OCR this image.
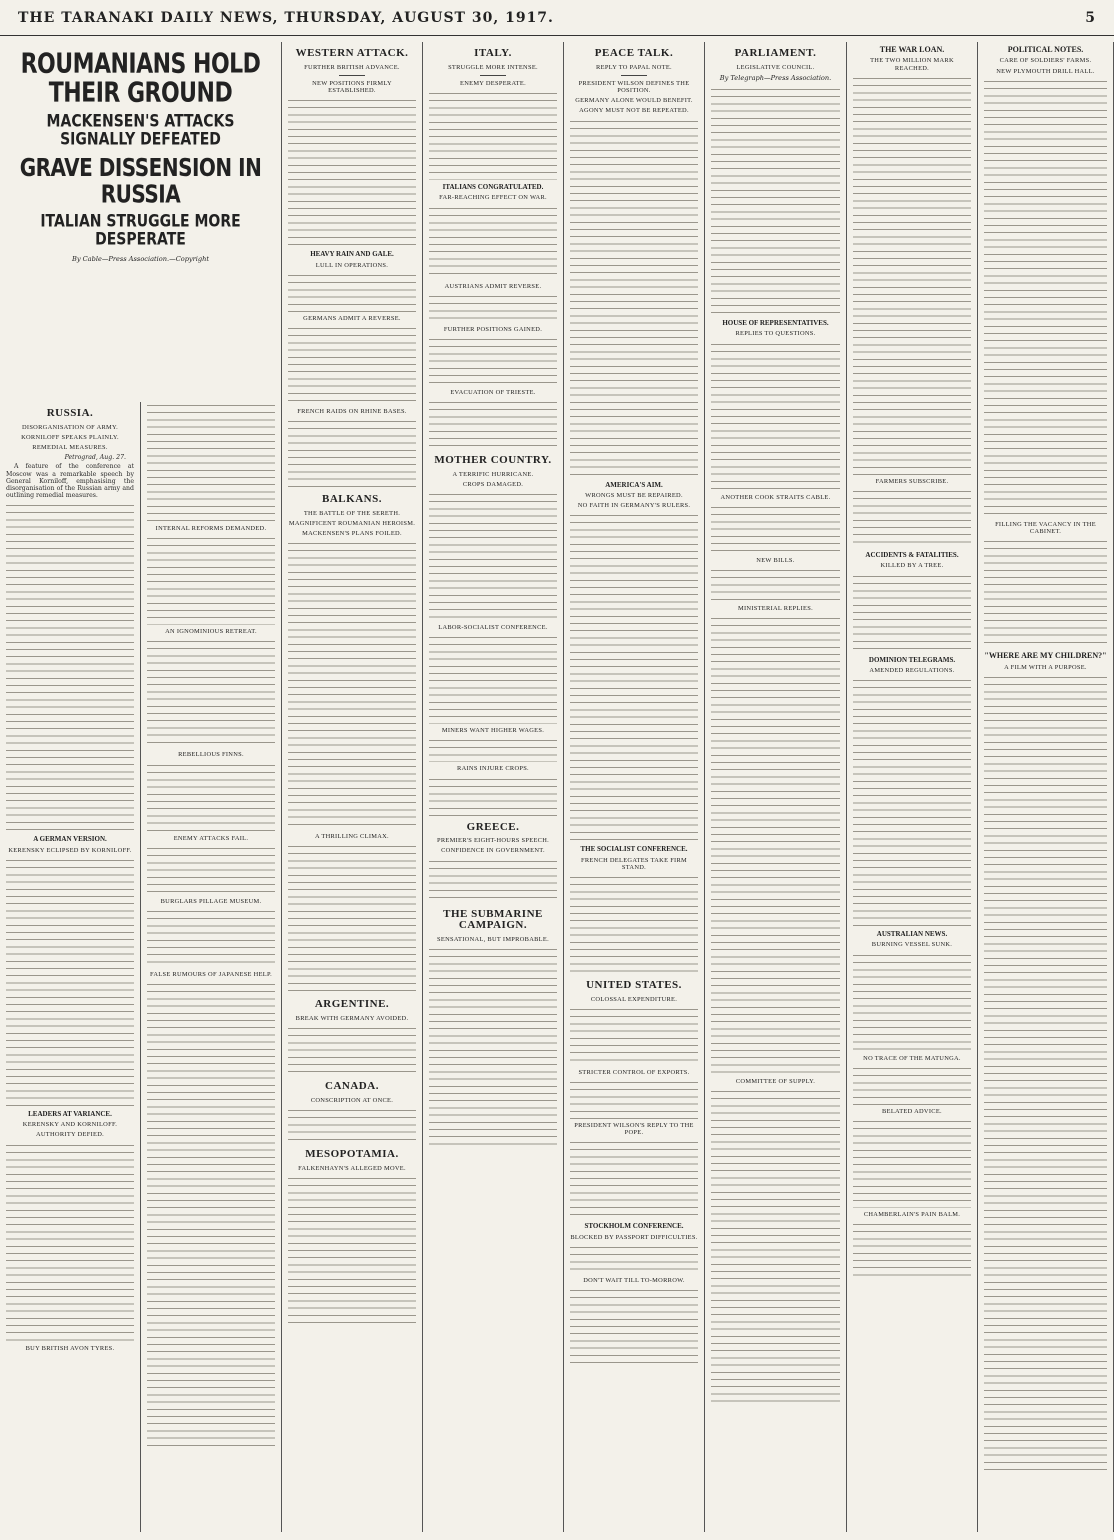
THE TARANAKI DAILY NEWS, THURSDAY, AUGUST 30, 1917.	5
ROUMANIANS HOLD THEIR GROUND
MACKENSEN'S ATTACKS SIGNALLY DEFEATED
GRAVE DISSENSION IN RUSSIA
ITALIAN STRUGGLE MORE DESPERATE
By Cable—Press Association.—Copyright
RUSSIA.
DISORGANISATION OF ARMY.
KORNILOFF SPEAKS PLAINLY.
REMEDIAL MEASURES.
Petrograd, Aug. 27.
A feature of the conference at Moscow was a remarkable speech by General Korniloff, emphasising the disorganisation of the Russian army and outlining remedial measures.
A GERMAN VERSION.
KERENSKY ECLIPSED BY KORNILOFF.
LEADERS AT VARIANCE.
KERENSKY AND KORNILOFF.
AUTHORITY DEFIED.
BUY BRITISH AVON TYRES.
INTERNAL REFORMS DEMANDED.
AN IGNOMINIOUS RETREAT.
REBELLIOUS FINNS.
ENEMY ATTACKS FAIL.
BURGLARS PILLAGE MUSEUM.
FALSE RUMOURS OF JAPANESE HELP.
WESTERN ATTACK.
FURTHER BRITISH ADVANCE.
NEW POSITIONS FIRMLY ESTABLISHED.
HEAVY RAIN AND GALE.
LULL IN OPERATIONS.
GERMANS ADMIT A REVERSE.
FRENCH RAIDS ON RHINE BASES.
BALKANS.
THE BATTLE OF THE SERETH.
MAGNIFICENT ROUMANIAN HEROISM.
MACKENSEN'S PLANS FOILED.
A THRILLING CLIMAX.
ARGENTINE.
BREAK WITH GERMANY AVOIDED.
CANADA.
CONSCRIPTION AT ONCE.
MESOPOTAMIA.
FALKENHAYN'S ALLEGED MOVE.
ITALY.
STRUGGLE MORE INTENSE.
ENEMY DESPERATE.
ITALIANS CONGRATULATED.
FAR-REACHING EFFECT ON WAR.
AUSTRIANS ADMIT REVERSE.
FURTHER POSITIONS GAINED.
EVACUATION OF TRIESTE.
MOTHER COUNTRY.
A TERRIFIC HURRICANE.
CROPS DAMAGED.
LABOR-SOCIALIST CONFERENCE.
MINERS WANT HIGHER WAGES.
RAINS INJURE CROPS.
GREECE.
PREMIER'S EIGHT-HOURS SPEECH.
CONFIDENCE IN GOVERNMENT.
THE SUBMARINE CAMPAIGN.
SENSATIONAL, BUT IMPROBABLE.
PEACE TALK.
REPLY TO PAPAL NOTE.
PRESIDENT WILSON DEFINES THE POSITION.
GERMANY ALONE WOULD BENEFIT.
AGONY MUST NOT BE REPEATED.
AMERICA'S AIM.
WRONGS MUST BE REPAIRED.
NO FAITH IN GERMANY'S RULERS.
THE SOCIALIST CONFERENCE.
FRENCH DELEGATES TAKE FIRM STAND.
UNITED STATES.
COLOSSAL EXPENDITURE.
STRICTER CONTROL OF EXPORTS.
PRESIDENT WILSON'S REPLY TO THE POPE.
STOCKHOLM CONFERENCE.
BLOCKED BY PASSPORT DIFFICULTIES.
DON'T WAIT TILL TO-MORROW.
PARLIAMENT.
LEGISLATIVE COUNCIL.
By Telegraph—Press Association.
HOUSE OF REPRESENTATIVES.
REPLIES TO QUESTIONS.
ANOTHER COOK STRAITS CABLE.
NEW BILLS.
MINISTERIAL REPLIES.
COMMITTEE OF SUPPLY.
THE WAR LOAN.
THE TWO MILLION MARK REACHED.
FARMERS SUBSCRIBE.
ACCIDENTS & FATALITIES.
KILLED BY A TREE.
DOMINION TELEGRAMS.
AMENDED REGULATIONS.
AUSTRALIAN NEWS.
BURNING VESSEL SUNK.
NO TRACE OF THE MATUNGA.
BELATED ADVICE.
CHAMBERLAIN'S PAIN BALM.
POLITICAL NOTES.
CARE OF SOLDIERS' FARMS.
NEW PLYMOUTH DRILL HALL.
FILLING THE VACANCY IN THE CABINET.
"WHERE ARE MY CHILDREN?"
A FILM WITH A PURPOSE.
